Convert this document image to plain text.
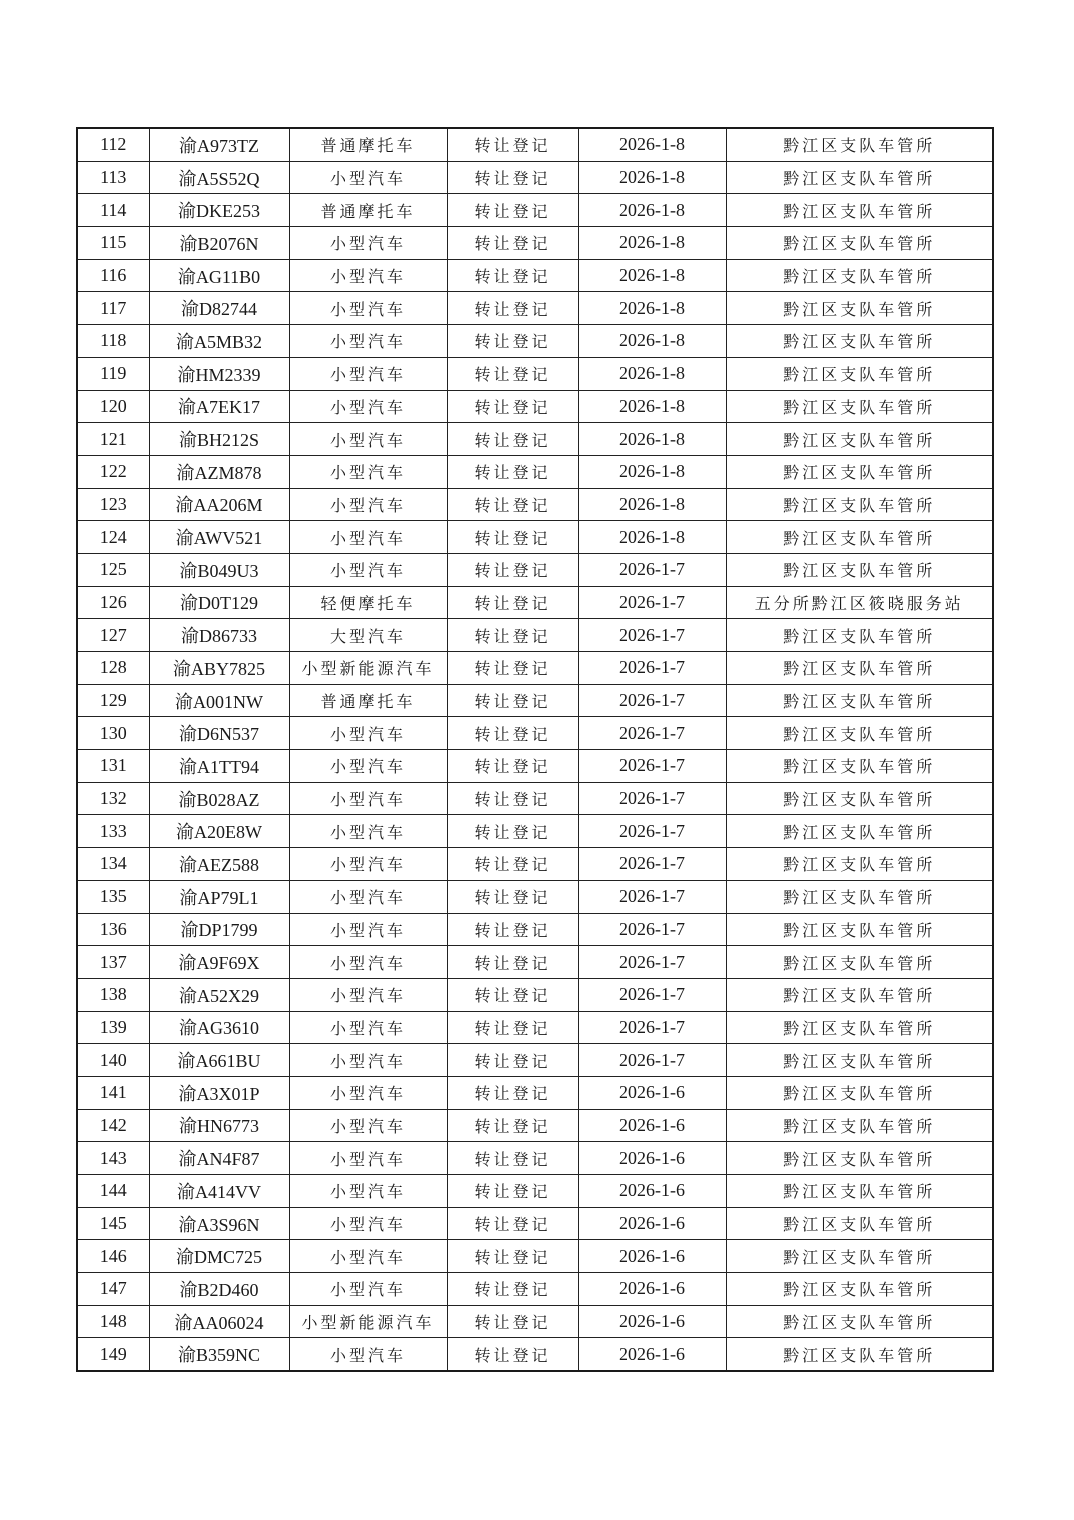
112	渝A973TZ	普通摩托车	转让登记	2026-1-8	黔江区支队车管所
113	渝A5S52Q	小型汽车	转让登记	2026-1-8	黔江区支队车管所
114	渝DKE253	普通摩托车	转让登记	2026-1-8	黔江区支队车管所
115	渝B2076N	小型汽车	转让登记	2026-1-8	黔江区支队车管所
116	渝AG11B0	小型汽车	转让登记	2026-1-8	黔江区支队车管所
117	渝D82744	小型汽车	转让登记	2026-1-8	黔江区支队车管所
118	渝A5MB32	小型汽车	转让登记	2026-1-8	黔江区支队车管所
119	渝HM2339	小型汽车	转让登记	2026-1-8	黔江区支队车管所
120	渝A7EK17	小型汽车	转让登记	2026-1-8	黔江区支队车管所
121	渝BH212S	小型汽车	转让登记	2026-1-8	黔江区支队车管所
122	渝AZM878	小型汽车	转让登记	2026-1-8	黔江区支队车管所
123	渝AA206M	小型汽车	转让登记	2026-1-8	黔江区支队车管所
124	渝AWV521	小型汽车	转让登记	2026-1-8	黔江区支队车管所
125	渝B049U3	小型汽车	转让登记	2026-1-7	黔江区支队车管所
126	渝D0T129	轻便摩托车	转让登记	2026-1-7	五分所黔江区筱晓服务站
127	渝D86733	大型汽车	转让登记	2026-1-7	黔江区支队车管所
128	渝ABY7825	小型新能源汽车	转让登记	2026-1-7	黔江区支队车管所
129	渝A001NW	普通摩托车	转让登记	2026-1-7	黔江区支队车管所
130	渝D6N537	小型汽车	转让登记	2026-1-7	黔江区支队车管所
131	渝A1TT94	小型汽车	转让登记	2026-1-7	黔江区支队车管所
132	渝B028AZ	小型汽车	转让登记	2026-1-7	黔江区支队车管所
133	渝A20E8W	小型汽车	转让登记	2026-1-7	黔江区支队车管所
134	渝AEZ588	小型汽车	转让登记	2026-1-7	黔江区支队车管所
135	渝AP79L1	小型汽车	转让登记	2026-1-7	黔江区支队车管所
136	渝DP1799	小型汽车	转让登记	2026-1-7	黔江区支队车管所
137	渝A9F69X	小型汽车	转让登记	2026-1-7	黔江区支队车管所
138	渝A52X29	小型汽车	转让登记	2026-1-7	黔江区支队车管所
139	渝AG3610	小型汽车	转让登记	2026-1-7	黔江区支队车管所
140	渝A661BU	小型汽车	转让登记	2026-1-7	黔江区支队车管所
141	渝A3X01P	小型汽车	转让登记	2026-1-6	黔江区支队车管所
142	渝HN6773	小型汽车	转让登记	2026-1-6	黔江区支队车管所
143	渝AN4F87	小型汽车	转让登记	2026-1-6	黔江区支队车管所
144	渝A414VV	小型汽车	转让登记	2026-1-6	黔江区支队车管所
145	渝A3S96N	小型汽车	转让登记	2026-1-6	黔江区支队车管所
146	渝DMC725	小型汽车	转让登记	2026-1-6	黔江区支队车管所
147	渝B2D460	小型汽车	转让登记	2026-1-6	黔江区支队车管所
148	渝AA06024	小型新能源汽车	转让登记	2026-1-6	黔江区支队车管所
149	渝B359NC	小型汽车	转让登记	2026-1-6	黔江区支队车管所
